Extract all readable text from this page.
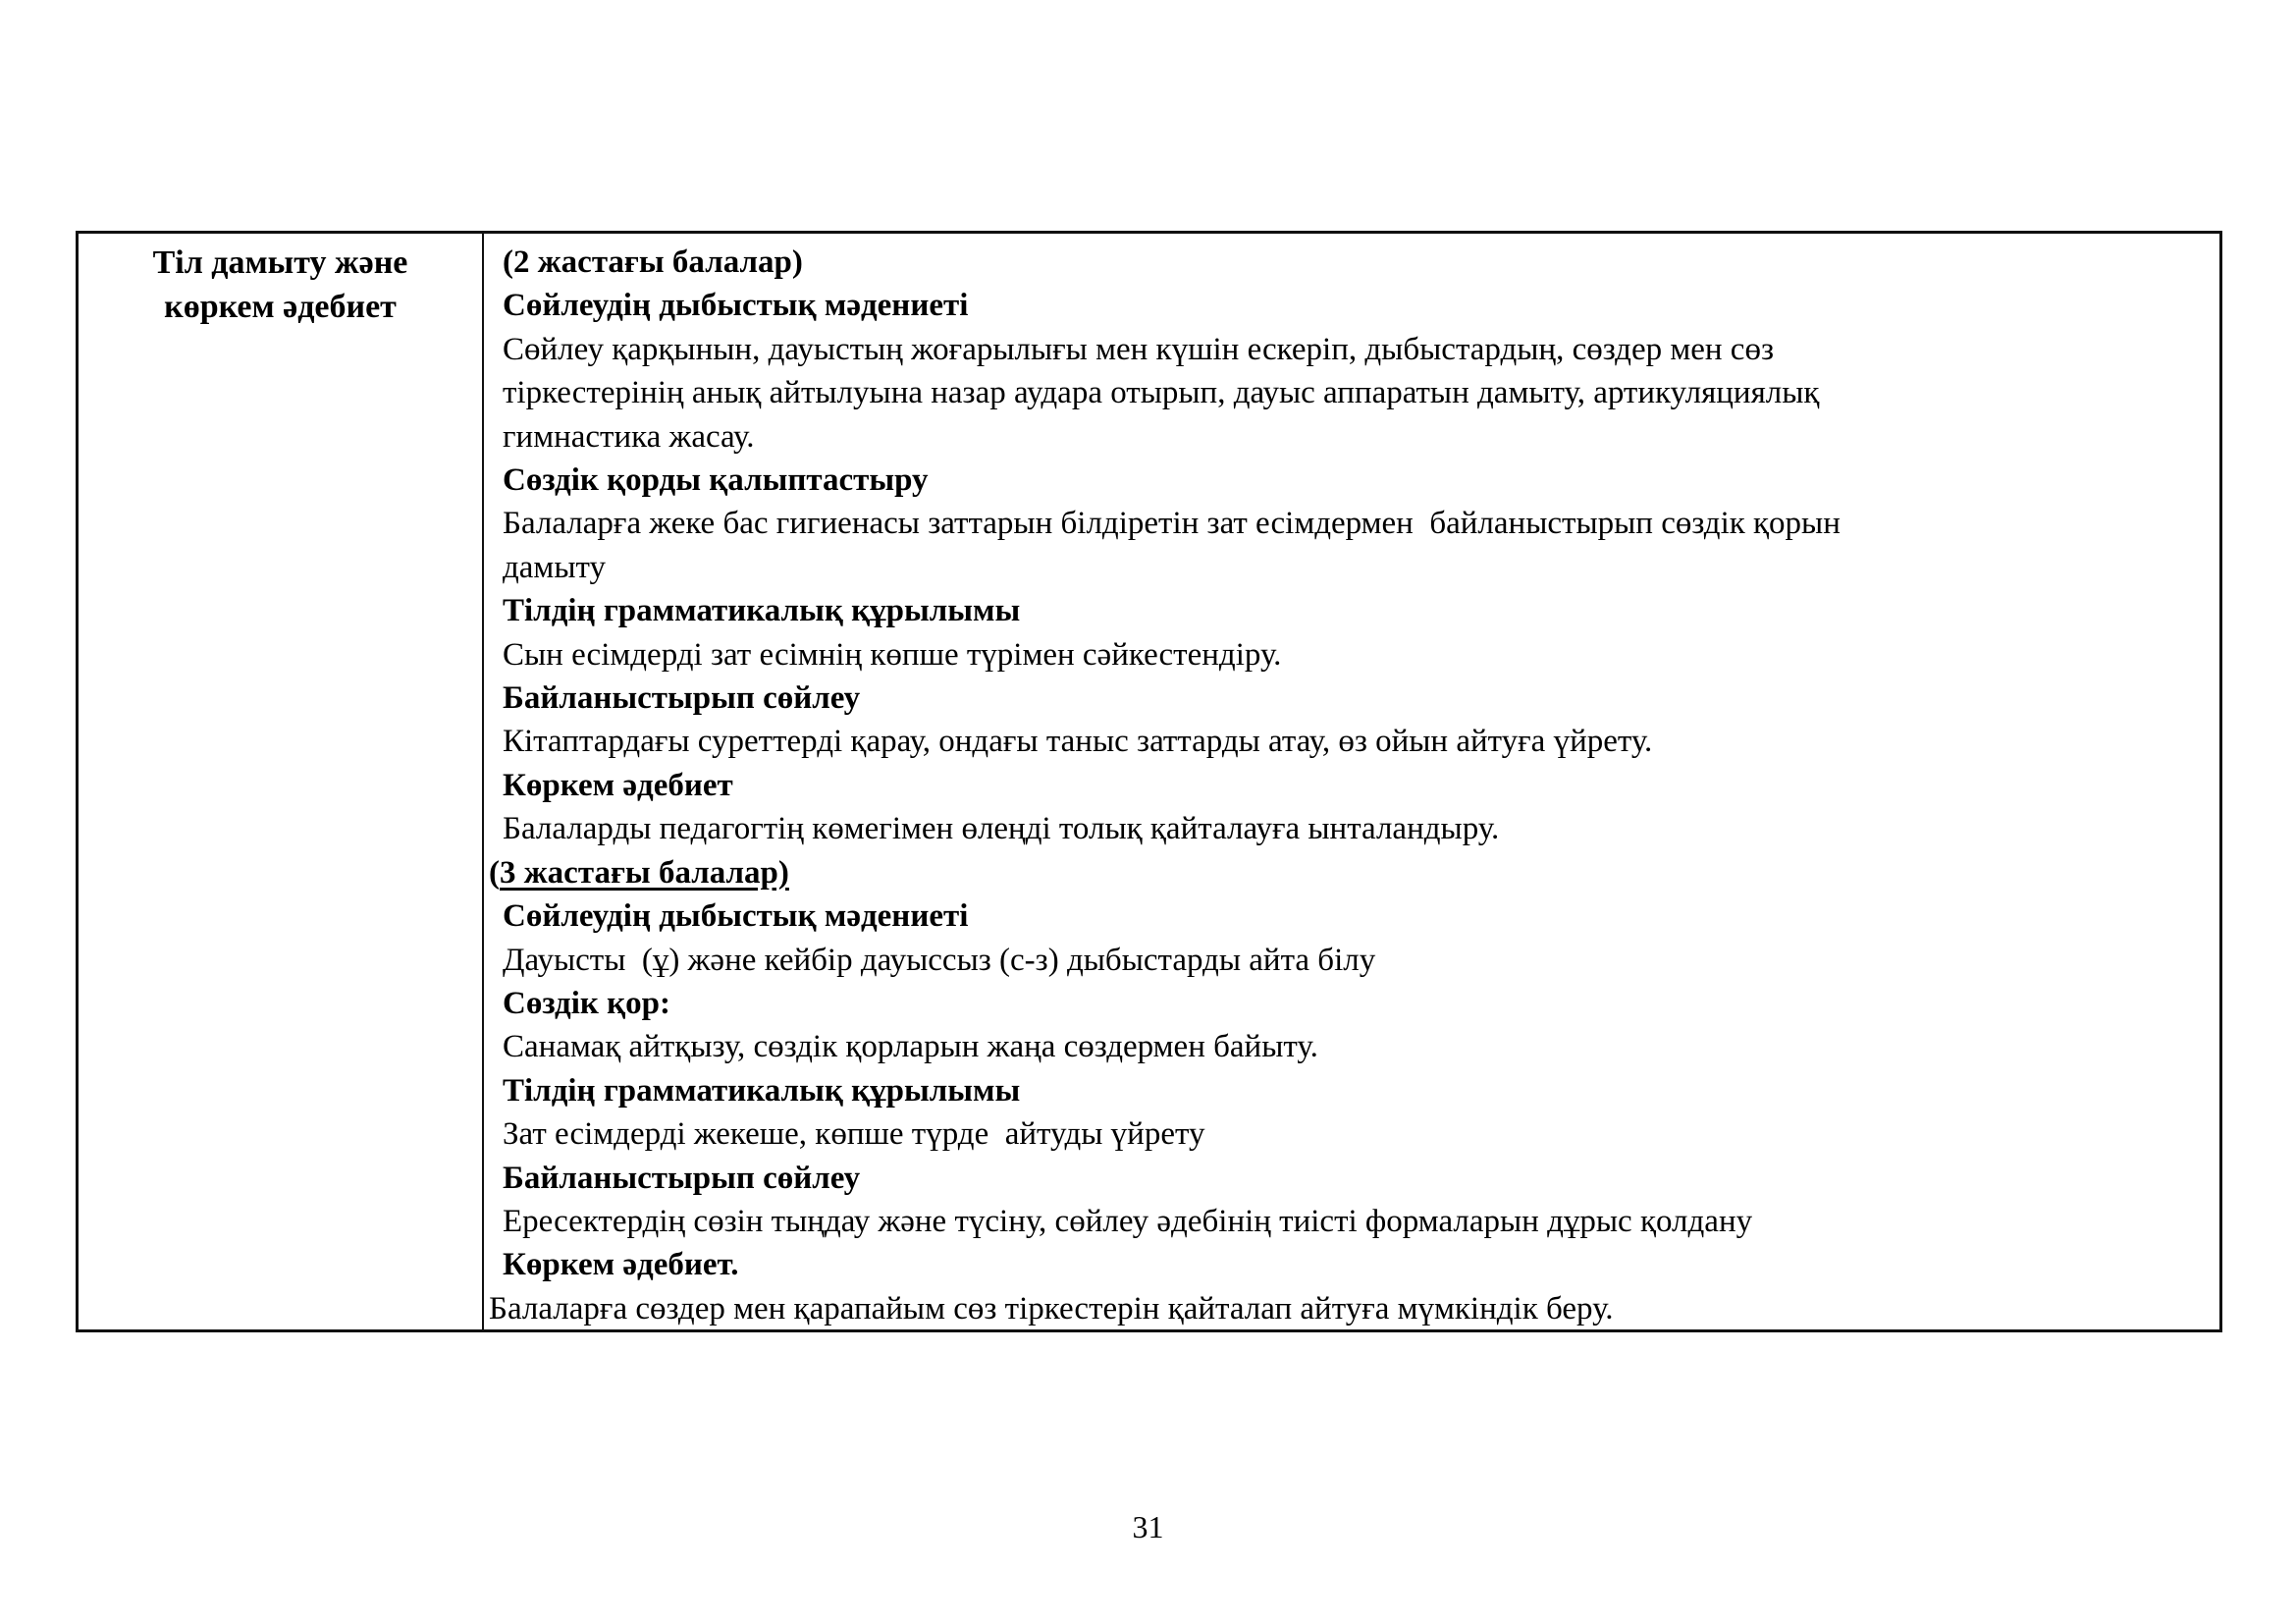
Тіл дамыту және
көркем әдебиет
(2 жастағы балалар)
Сөйлеудің дыбыстық мәдениеті
Сөйлеу қарқынын, дауыстың жоғарылығы мен күшін ескеріп, дыбыстардың, сөздер мен сөз
тіркестерінің анық айтылуына назар аудара отырып, дауыс аппаратын дамыту, артикуляциялық
гимнастика жасау.
Сөздік қорды қалыптастыру
Балаларға жеке бас гигиенасы заттарын білдіретін зат есімдермен  байланыстырып сөздік қорын
дамыту
Тілдің грамматикалық құрылымы
Сын есімдерді зат есімнің көпше түрімен сәйкестендіру.
Байланыстырып сөйлеу
Кітаптардағы суреттерді қарау, ондағы таныс заттарды атау, өз ойын айтуға үйрету.
Көркем әдебиет
Балаларды педагогтің көмегімен өлеңді толық қайталауға ынталандыру.
(3 жастағы балалар)
Сөйлеудің дыбыстық мәдениеті
Дауысты  (ұ) және кейбір дауыссыз (с-з) дыбыстарды айта білу
Сөздік қор:
Санамақ айтқызу, сөздік қорларын жаңа сөздермен байыту.
Тілдің грамматикалық құрылымы
Зат есімдерді жекеше, көпше түрде  айтуды үйрету
Байланыстырып сөйлеу
Ересектердің сөзін тыңдау және түсіну, сөйлеу әдебінің тиісті формаларын дұрыс қолдану
Көркем әдебиет.
Балаларға сөздер мен қарапайым сөз тіркестерін қайталап айтуға мүмкіндік беру.
31
